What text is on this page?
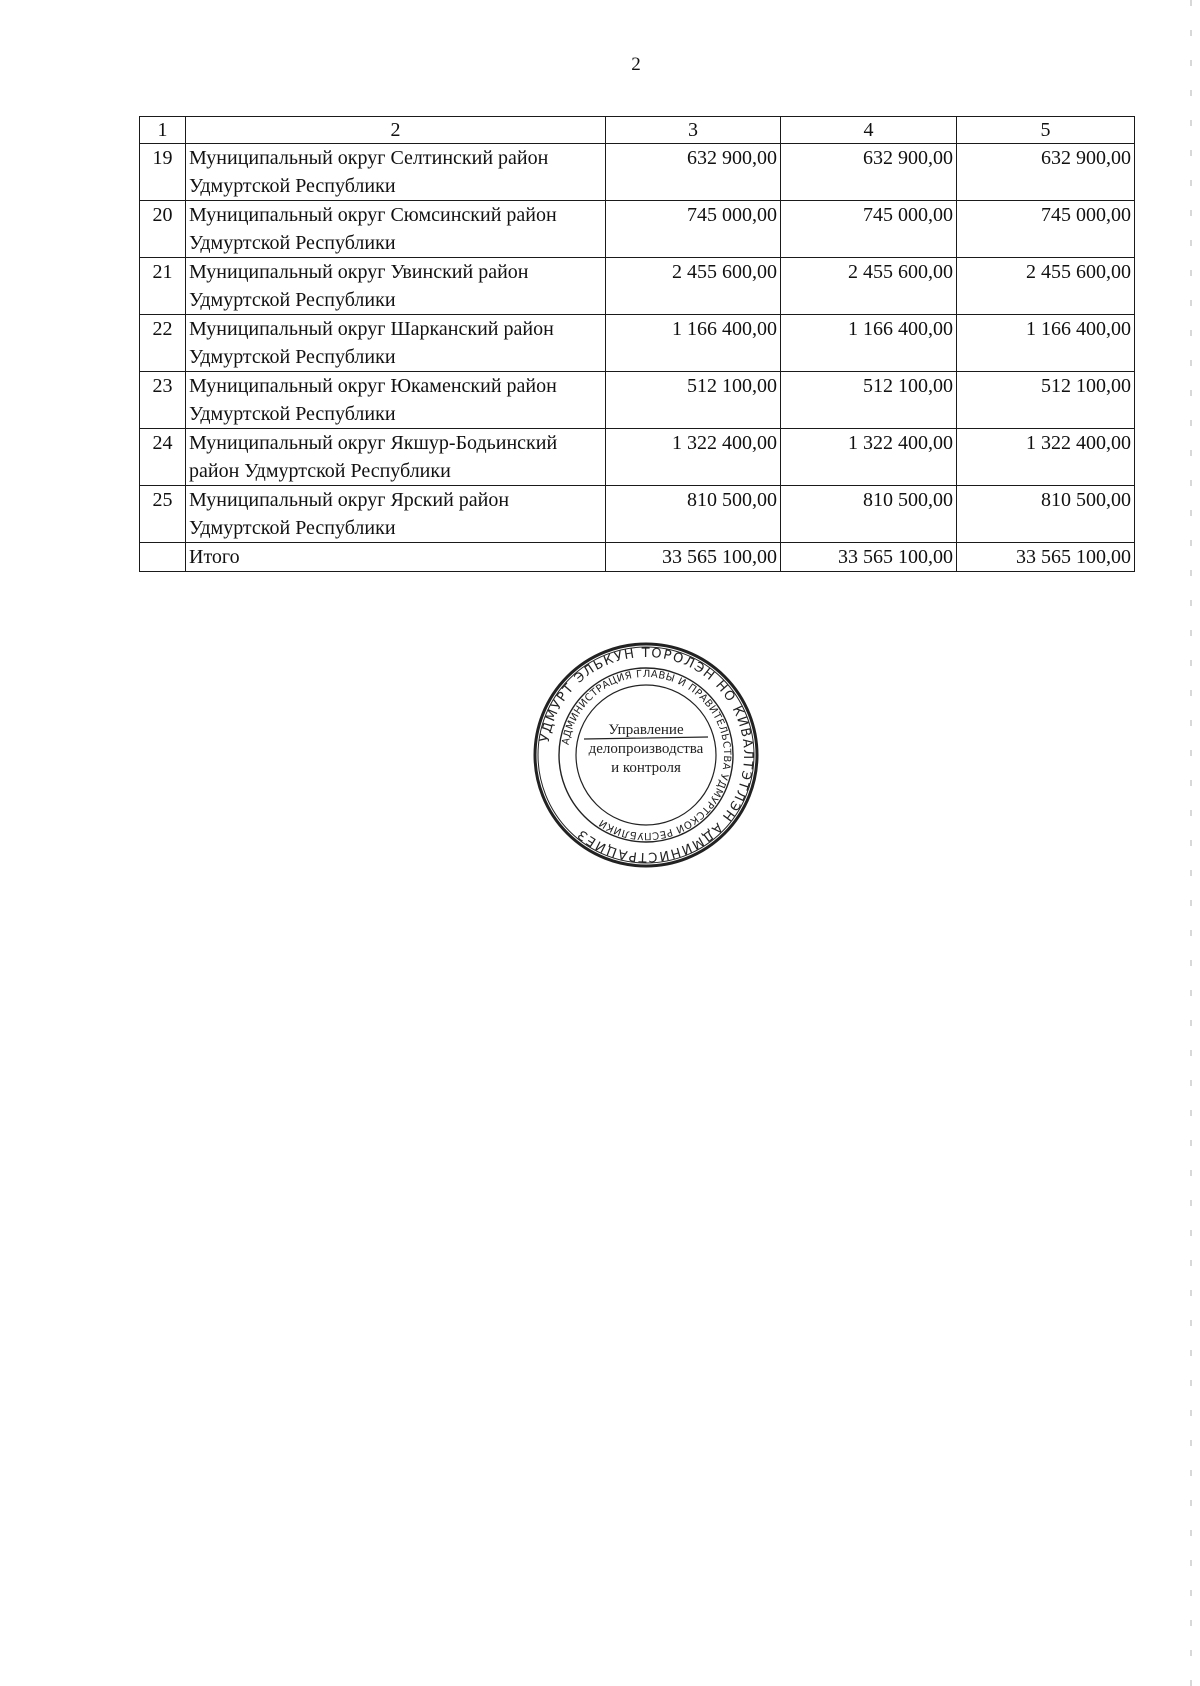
2
1	2	3	4	5
19	Муниципальный округ Селтинский район Удмуртской Республики	632 900,00	632 900,00	632 900,00
20	Муниципальный округ Сюмсинский район Удмуртской Республики	745 000,00	745 000,00	745 000,00
21	Муниципальный округ Увинский район Удмуртской Республики	2 455 600,00	2 455 600,00	2 455 600,00
22	Муниципальный округ Шарканский район Удмуртской Республики	1 166 400,00	1 166 400,00	1 166 400,00
23	Муниципальный округ Юкаменский район Удмуртской Республики	512 100,00	512 100,00	512 100,00
24	Муниципальный округ Якшур-Бодьинский район Удмуртской Республики	1 322 400,00	1 322 400,00	1 322 400,00
25	Муниципальный округ Ярский район Удмуртской Республики	810 500,00	810 500,00	810 500,00
	Итого	33 565 100,00	33 565 100,00	33 565 100,00
УДМУРТ ЭЛЬКУН ТОРОЛЭН НО КИВАЛТЭТЛЭН АДМИНИСТРАЦИЕЗ
АДМИНИСТРАЦИЯ ГЛАВЫ И ПРАВИТЕЛЬСТВА УДМУРТСКОЙ РЕСПУБЛИКИ
Управление
делопроизводства
и контроля
